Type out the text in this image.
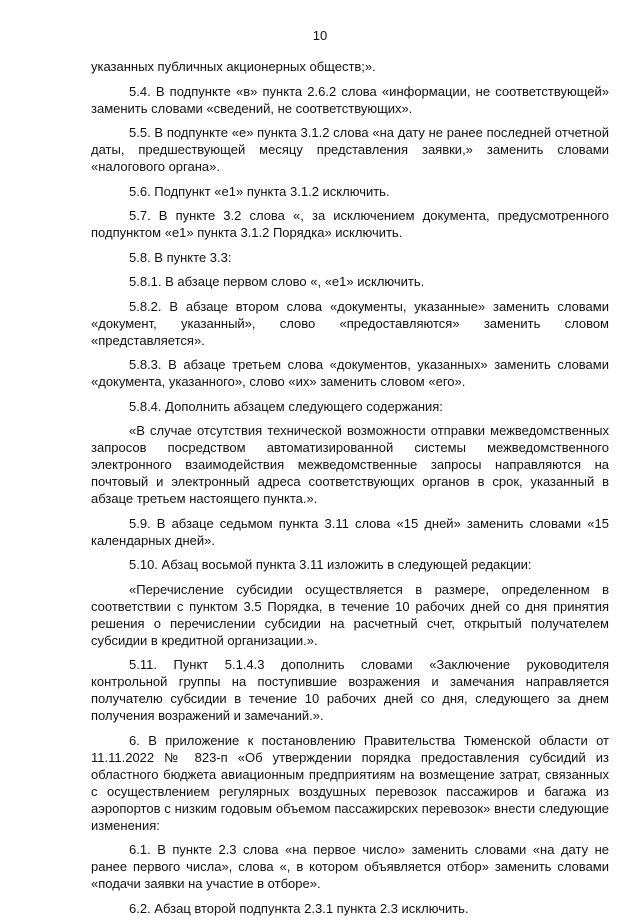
10

указанных публичных акционерных обществ;».

5.4. В подпункте «в» пункта 2.6.2 слова «информации, не соответствующей» заменить словами «сведений, не соответствующих».

5.5. В подпункте «е» пункта 3.1.2 слова «на дату не ранее последней отчетной даты, предшествующей месяцу представления заявки,» заменить словами «налогового органа».

5.6. Подпункт «е1» пункта 3.1.2 исключить.

5.7. В пункте 3.2 слова «, за исключением документа, предусмотренного подпунктом «е1» пункта 3.1.2 Порядка» исключить.

5.8. В пункте 3.3:

5.8.1. В абзаце первом слово «, «е1» исключить.

5.8.2. В абзаце втором слова «документы, указанные» заменить словами «документ, указанный», слово «предоставляются» заменить словом «представляется».

5.8.3. В абзаце третьем слова «документов, указанных» заменить словами «документа, указанного», слово «их» заменить словом «его».

5.8.4. Дополнить абзацем следующего содержания:

«В случае отсутствия технической возможности отправки межведомственных запросов посредством автоматизированной системы межведомственного электронного взаимодействия межведомственные запросы направляются на почтовый и электронный адреса соответствующих органов в срок, указанный в абзаце третьем настоящего пункта.».

5.9. В абзаце седьмом пункта 3.11 слова «15 дней» заменить словами «15 календарных дней».

5.10. Абзац восьмой пункта 3.11 изложить в следующей редакции:

«Перечисление субсидии осуществляется в размере, определенном в соответствии с пунктом 3.5 Порядка, в течение 10 рабочих дней со дня принятия решения о перечислении субсидии на расчетный счет, открытый получателем субсидии в кредитной организации.».

5.11. Пункт 5.1.4.3 дополнить словами «Заключение руководителя контрольной группы на поступившие возражения и замечания направляется получателю субсидии в течение 10 рабочих дней со дня, следующего за днем получения возражений и замечаний.».

6. В приложение к постановлению Правительства Тюменской области от 11.11.2022 № 823-п «Об утверждении порядка предоставления субсидий из областного бюджета авиационным предприятиям на возмещение затрат, связанных с осуществлением регулярных воздушных перевозок пассажиров и багажа из аэропортов с низким годовым объемом пассажирских перевозок» внести следующие изменения:

6.1. В пункте 2.3 слова «на первое число» заменить словами «на дату не ранее первого числа», слова «, в котором объявляется отбор» заменить словами «подачи заявки на участие в отборе».

6.2. Абзац второй подпункта 2.3.1 пункта 2.3 исключить.
